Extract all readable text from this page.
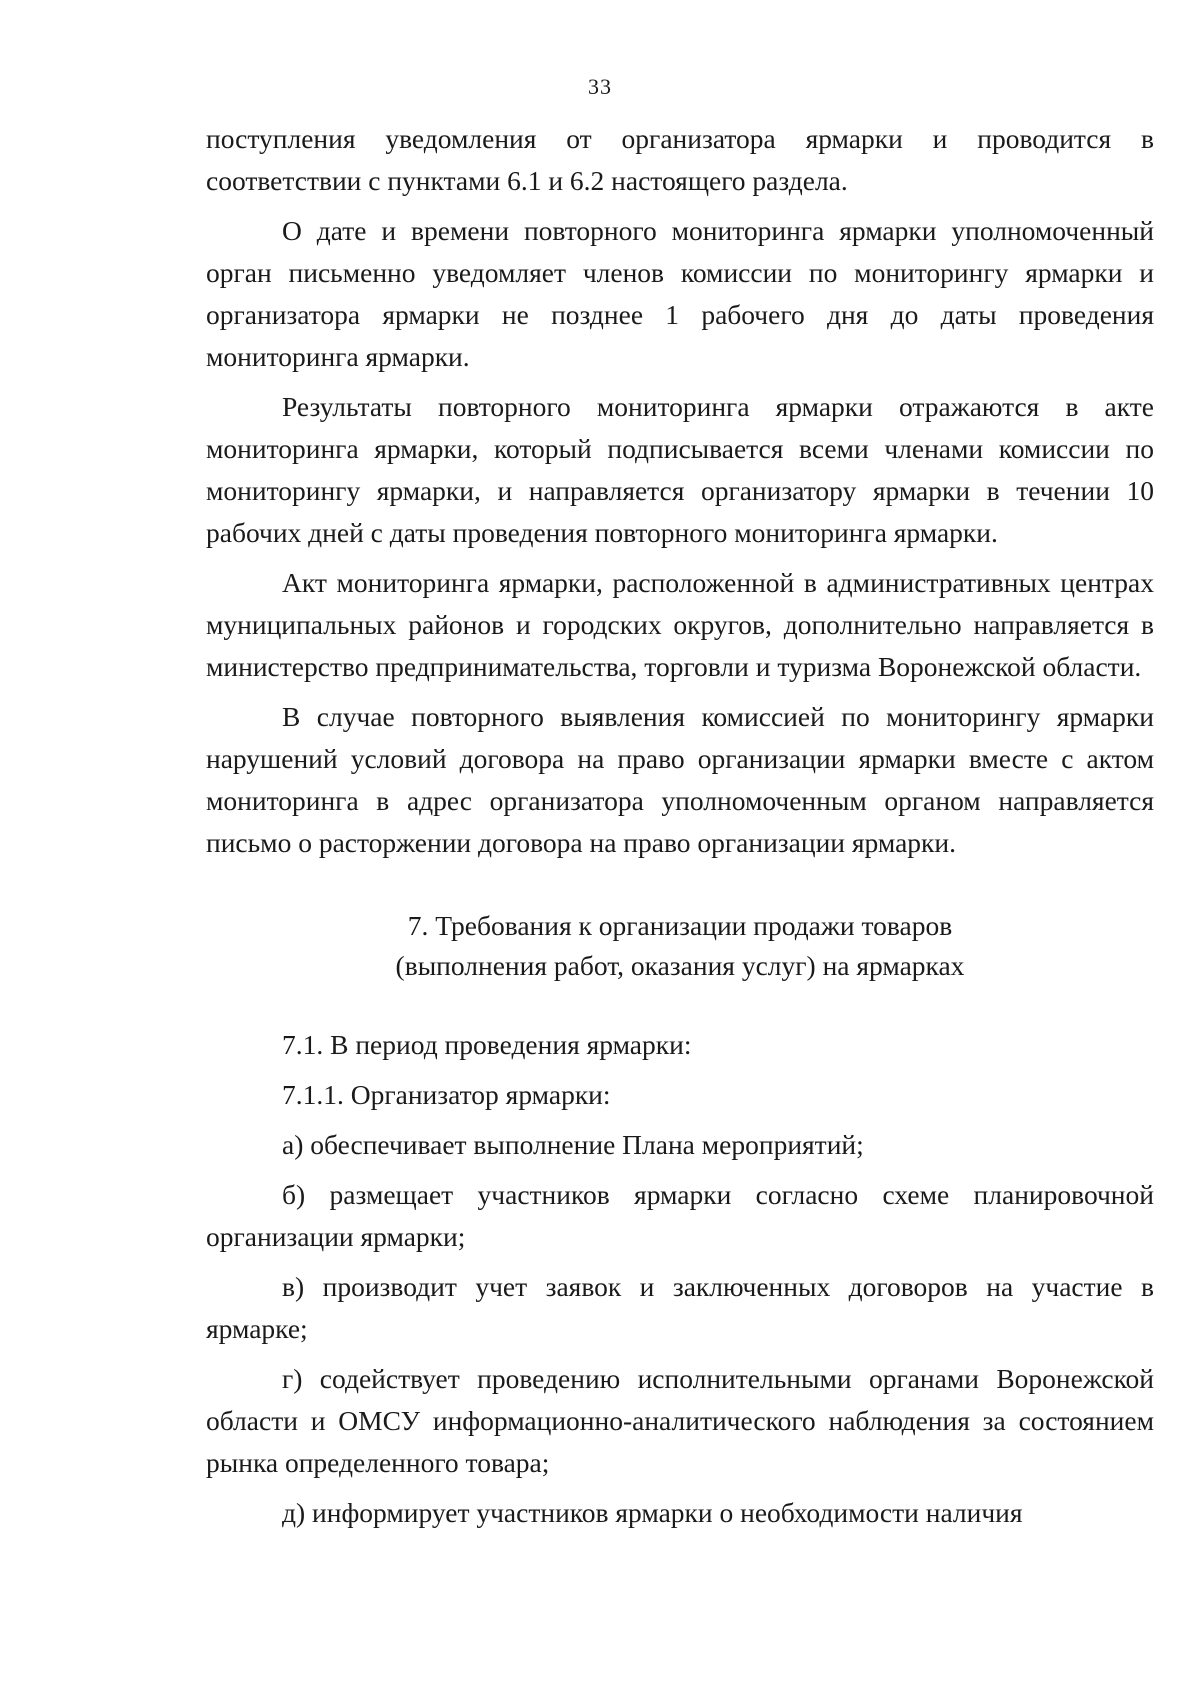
33

поступления уведомления от организатора ярмарки и проводится в соответствии с пунктами 6.1 и 6.2 настоящего раздела.

О дате и времени повторного мониторинга ярмарки уполномоченный орган письменно уведомляет членов комиссии по мониторингу ярмарки и организатора ярмарки не позднее 1 рабочего дня до даты проведения мониторинга ярмарки.

Результаты повторного мониторинга ярмарки отражаются в акте мониторинга ярмарки, который подписывается всеми членами комиссии по мониторингу ярмарки, и направляется организатору ярмарки в течении 10 рабочих дней с даты проведения повторного мониторинга ярмарки.

Акт мониторинга ярмарки, расположенной в административных центрах муниципальных районов и городских округов, дополнительно направляется в министерство предпринимательства, торговли и туризма Воронежской области.

В случае повторного выявления комиссией по мониторингу ярмарки нарушений условий договора на право организации ярмарки вместе с актом мониторинга в адрес организатора уполномоченным органом направляется письмо о расторжении договора на право организации ярмарки.

7. Требования к организации продажи товаров
(выполнения работ, оказания услуг) на ярмарках

7.1. В период проведения ярмарки:

7.1.1. Организатор ярмарки:

а) обеспечивает выполнение Плана мероприятий;

б) размещает участников ярмарки согласно схеме планировочной организации ярмарки;

в) производит учет заявок и заключенных договоров на участие в ярмарке;

г) содействует проведению исполнительными органами Воронежской области и ОМСУ информационно-аналитического наблюдения за состоянием рынка определенного товара;

д) информирует участников ярмарки о необходимости наличия
